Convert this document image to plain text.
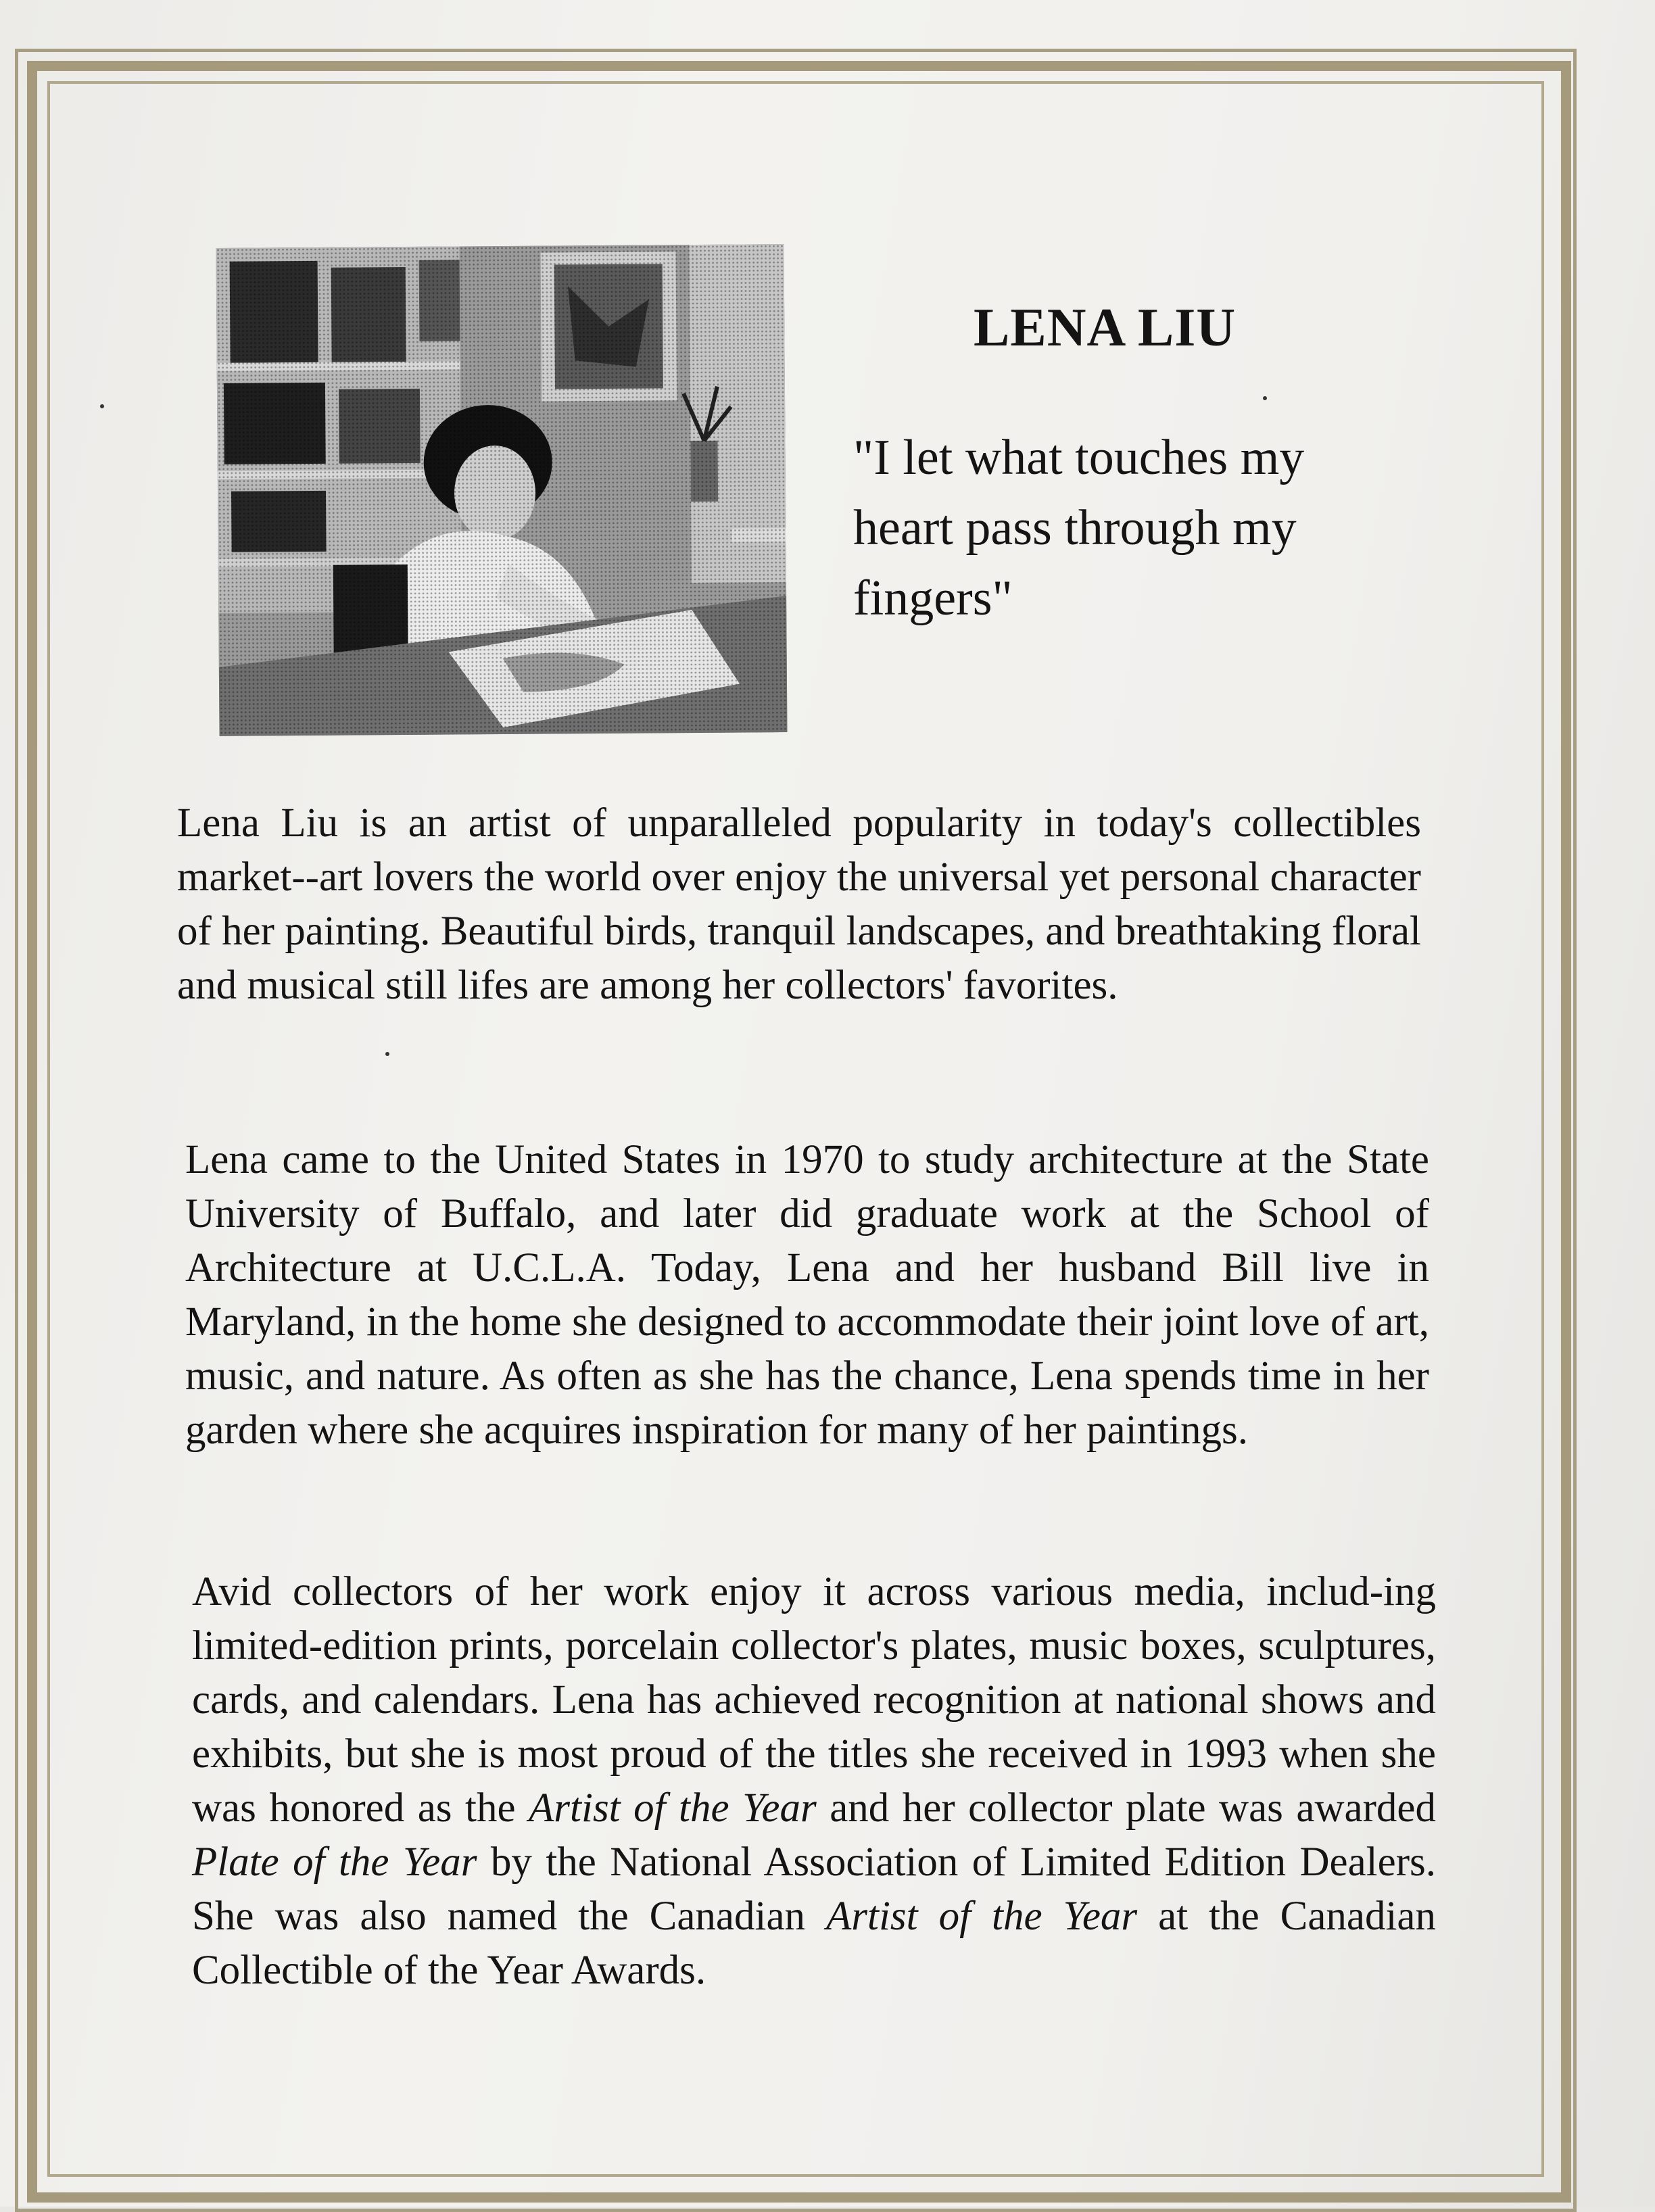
LENA LIU

"I let what touches my heart pass through my fingers"

Lena Liu is an artist of unparalleled popularity in today's collectibles market--art lovers the world over enjoy the universal yet personal character of her painting. Beautiful birds, tranquil landscapes, and breathtaking floral and musical still lifes are among her collectors' favorites.

Lena came to the United States in 1970 to study architecture at the State University of Buffalo, and later did graduate work at the School of Architecture at U.C.L.A. Today, Lena and her husband Bill live in Maryland, in the home she designed to accommodate their joint love of art, music, and nature. As often as she has the chance, Lena spends time in her garden where she acquires inspiration for many of her paintings.

Avid collectors of her work enjoy it across various media, includ-ing limited-edition prints, porcelain collector's plates, music boxes, sculptures, cards, and calendars. Lena has achieved recognition at national shows and exhibits, but she is most proud of the titles she received in 1993 when she was honored as the Artist of the Year and her collector plate was awarded Plate of the Year by the National Association of Limited Edition Dealers. She was also named the Canadian Artist of the Year at the Canadian Collectible of the Year Awards.
